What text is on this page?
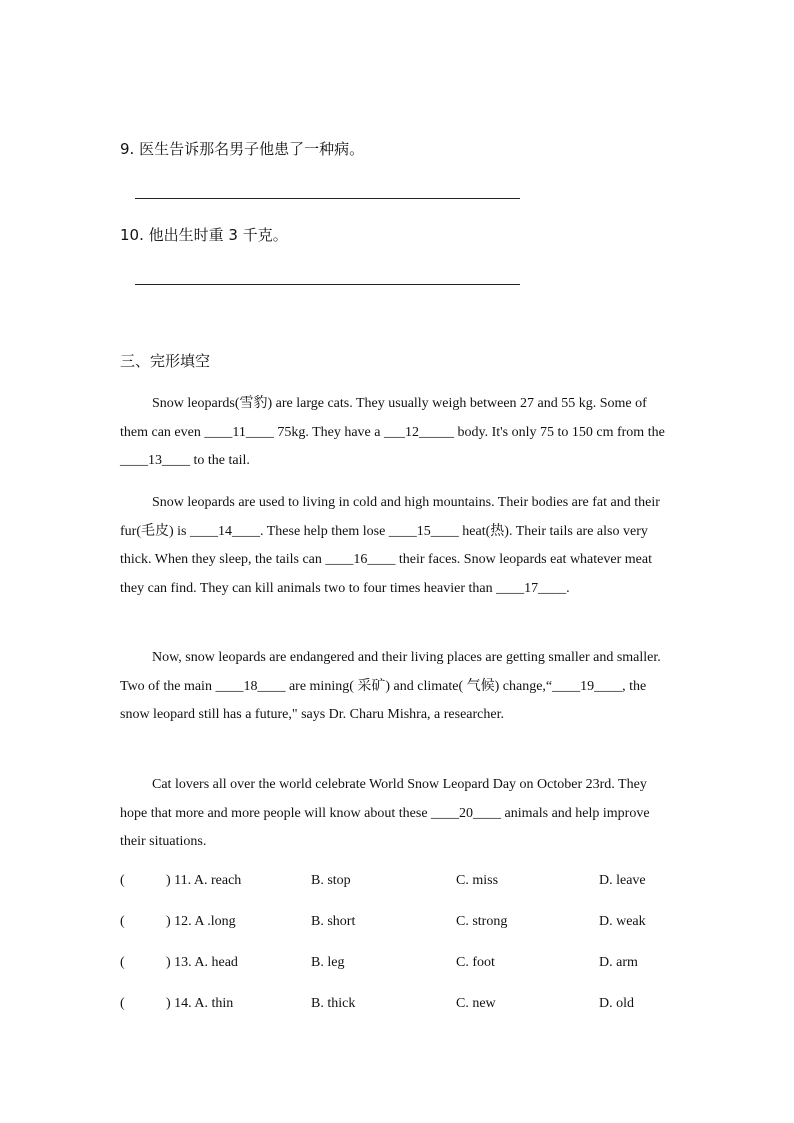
9. 医生告诉那名男子他患了一种病。
10. 他出生时重 3 千克。
三、完形填空

Snow leopards(雪豹) are large cats. They usually weigh between 27 and 55 kg. Some of them can even ____11____ 75kg. They have a ___12_____ body. It's only 75 to 150 cm from the ____13____ to the tail.

Snow leopards are used to living in cold and high mountains. Their bodies are fat and their fur(毛皮) is ____14____. These help them lose ____15____ heat(热). Their tails are also very thick. When they sleep, the tails can ____16____ their faces. Snow leopards eat whatever meat they can find. They can kill animals two to four times heavier than ____17____.

Now, snow leopards are endangered and their living places are getting smaller and smaller. Two of the main ____18____ are mining( 采矿) and climate( 气候) change,“____19____, the snow leopard still has a future," says Dr. Charu Mishra, a researcher.

Cat lovers all over the world celebrate World Snow Leopard Day on October 23rd. They hope that more and more people will know about these ____20____ animals and help improve their situations.

(	) 11. A. reach	B. stop	C. miss	D. leave
(	) 12. A .long	B. short	C. strong	D. weak
(	) 13. A. head	B. leg	C. foot	D. arm
(	) 14. A. thin	B. thick	C. new	D. old
